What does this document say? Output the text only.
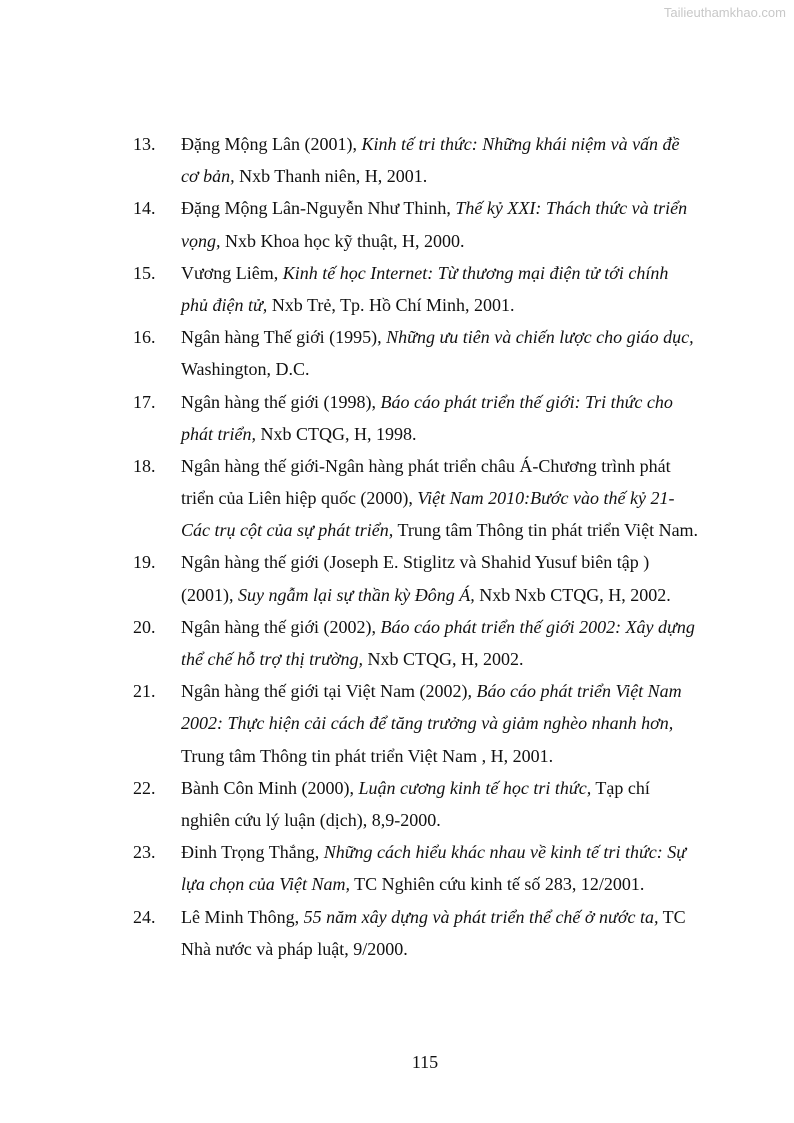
Tailieuthamkhao.com
13. Đặng Mộng Lân (2001), Kinh tế tri thức: Những khái niệm và vấn đề
cơ bản, Nxb Thanh niên, H, 2001.
14. Đặng Mộng Lân-Nguyễn Như Thinh, Thế kỷ XXI: Thách thức và triển
vọng, Nxb Khoa học kỹ thuật, H, 2000.
15. Vương Liêm, Kinh tế học Internet: Từ thương mại điện tử tới chính
phủ điện tử, Nxb Trẻ, Tp. Hồ Chí Minh, 2001.
16. Ngân hàng Thế giới (1995), Những ưu tiên và chiến lược cho giáo dục,
Washington, D.C.
17. Ngân hàng thế giới (1998), Báo cáo phát triển thế giới: Tri thức cho
phát triển, Nxb CTQG, H, 1998.
18. Ngân hàng thế giới-Ngân hàng phát triển châu Á-Chương trình phát
triển của Liên hiệp quốc (2000), Việt Nam 2010:Bước vào thế kỷ 21-
Các trụ cột của sự phát triển, Trung tâm Thông tin phát triển Việt Nam.
19. Ngân hàng thế giới (Joseph E. Stiglitz và Shahid Yusuf biên tập )
(2001), Suy ngẫm lại sự thần kỳ Đông Á, Nxb Nxb CTQG, H, 2002.
20. Ngân hàng thế giới (2002), Báo cáo phát triển thế giới 2002: Xây dựng
thể chế hỗ trợ thị trường, Nxb CTQG, H, 2002.
21. Ngân hàng thế giới tại Việt Nam (2002), Báo cáo phát triển Việt Nam
2002: Thực hiện cải cách để tăng trưởng và giảm nghèo nhanh hơn,
Trung tâm Thông tin phát triển Việt Nam , H, 2001.
22. Bành Côn Minh (2000), Luận cương kinh tế học tri thức, Tạp chí
nghiên cứu lý luận (dịch), 8,9-2000.
23. Đinh Trọng Thắng, Những cách hiểu khác nhau về kinh tế tri thức: Sự
lựa chọn của Việt Nam, TC Nghiên cứu kinh tế số 283, 12/2001.
24. Lê Minh Thông, 55 năm xây dựng và phát triển thể chế ở nước ta, TC
Nhà nước và pháp luật, 9/2000.
115
